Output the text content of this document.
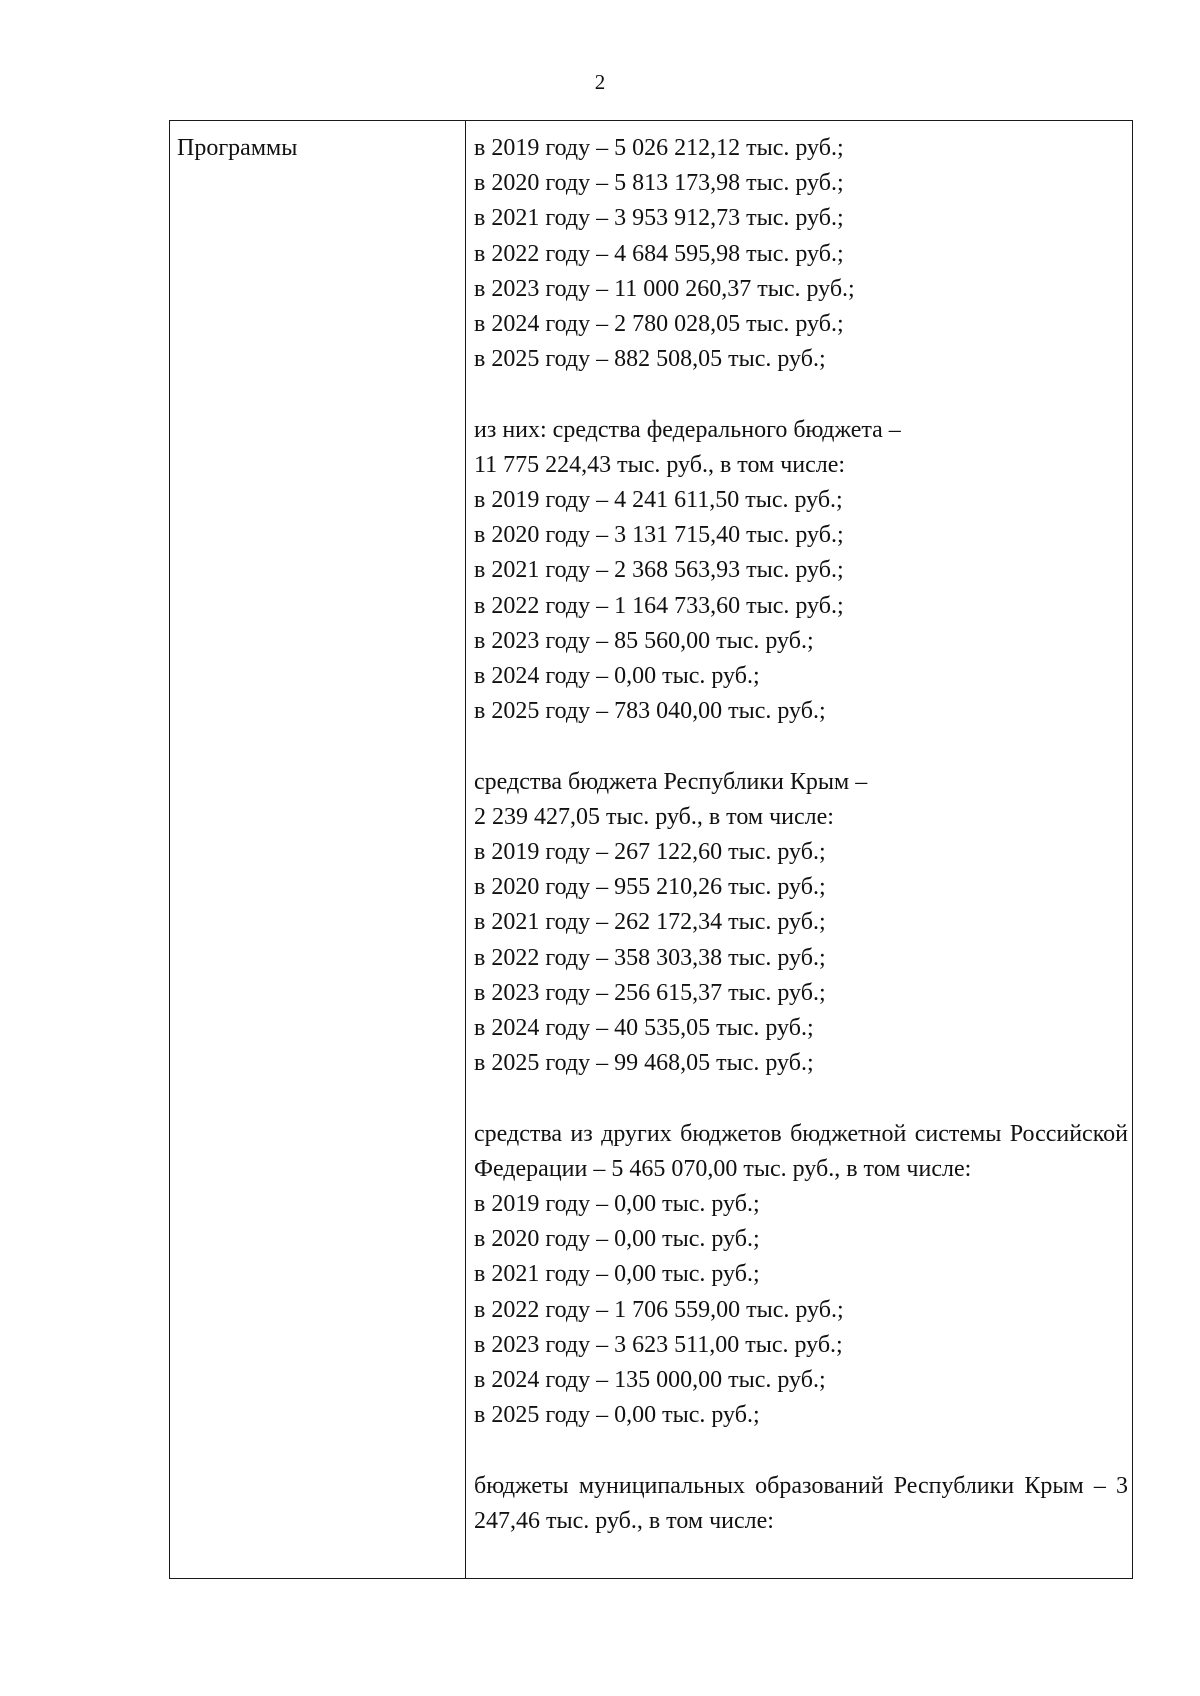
2
Программы	в 2019 году – 5 026 212,12 тыс. руб.;
в 2020 году – 5 813 173,98 тыс. руб.;
в 2021 году – 3 953 912,73 тыс. руб.;
в 2022 году – 4 684 595,98 тыс. руб.;
в 2023 году – 11 000 260,37 тыс. руб.;
в 2024 году – 2 780 028,05 тыс. руб.;
в 2025 году – 882 508,05 тыс. руб.;
из них: средства федерального бюджета –
11 775 224,43 тыс. руб., в том числе:
в 2019 году – 4 241 611,50 тыс. руб.;
в 2020 году – 3 131 715,40 тыс. руб.;
в 2021 году – 2 368 563,93 тыс. руб.;
в 2022 году – 1 164 733,60 тыс. руб.;
в 2023 году – 85 560,00 тыс. руб.;
в 2024 году – 0,00 тыс. руб.;
в 2025 году – 783 040,00 тыс. руб.;
средства бюджета Республики Крым –
2 239 427,05 тыс. руб., в том числе:
в 2019 году – 267 122,60 тыс. руб.;
в 2020 году – 955 210,26 тыс. руб.;
в 2021 году – 262 172,34 тыс. руб.;
в 2022 году – 358 303,38 тыс. руб.;
в 2023 году – 256 615,37 тыс. руб.;
в 2024 году – 40 535,05 тыс. руб.;
в 2025 году – 99 468,05 тыс. руб.;
средства из других бюджетов бюджетной системы Российской Федерации – 5 465 070,00 тыс. руб., в том числе:
в 2019 году – 0,00 тыс. руб.;
в 2020 году – 0,00 тыс. руб.;
в 2021 году – 0,00 тыс. руб.;
в 2022 году – 1 706 559,00 тыс. руб.;
в 2023 году – 3 623 511,00 тыс. руб.;
в 2024 году – 135 000,00 тыс. руб.;
в 2025 году – 0,00 тыс. руб.;
бюджеты муниципальных образований Республики Крым – 3 247,46 тыс. руб., в том числе:
